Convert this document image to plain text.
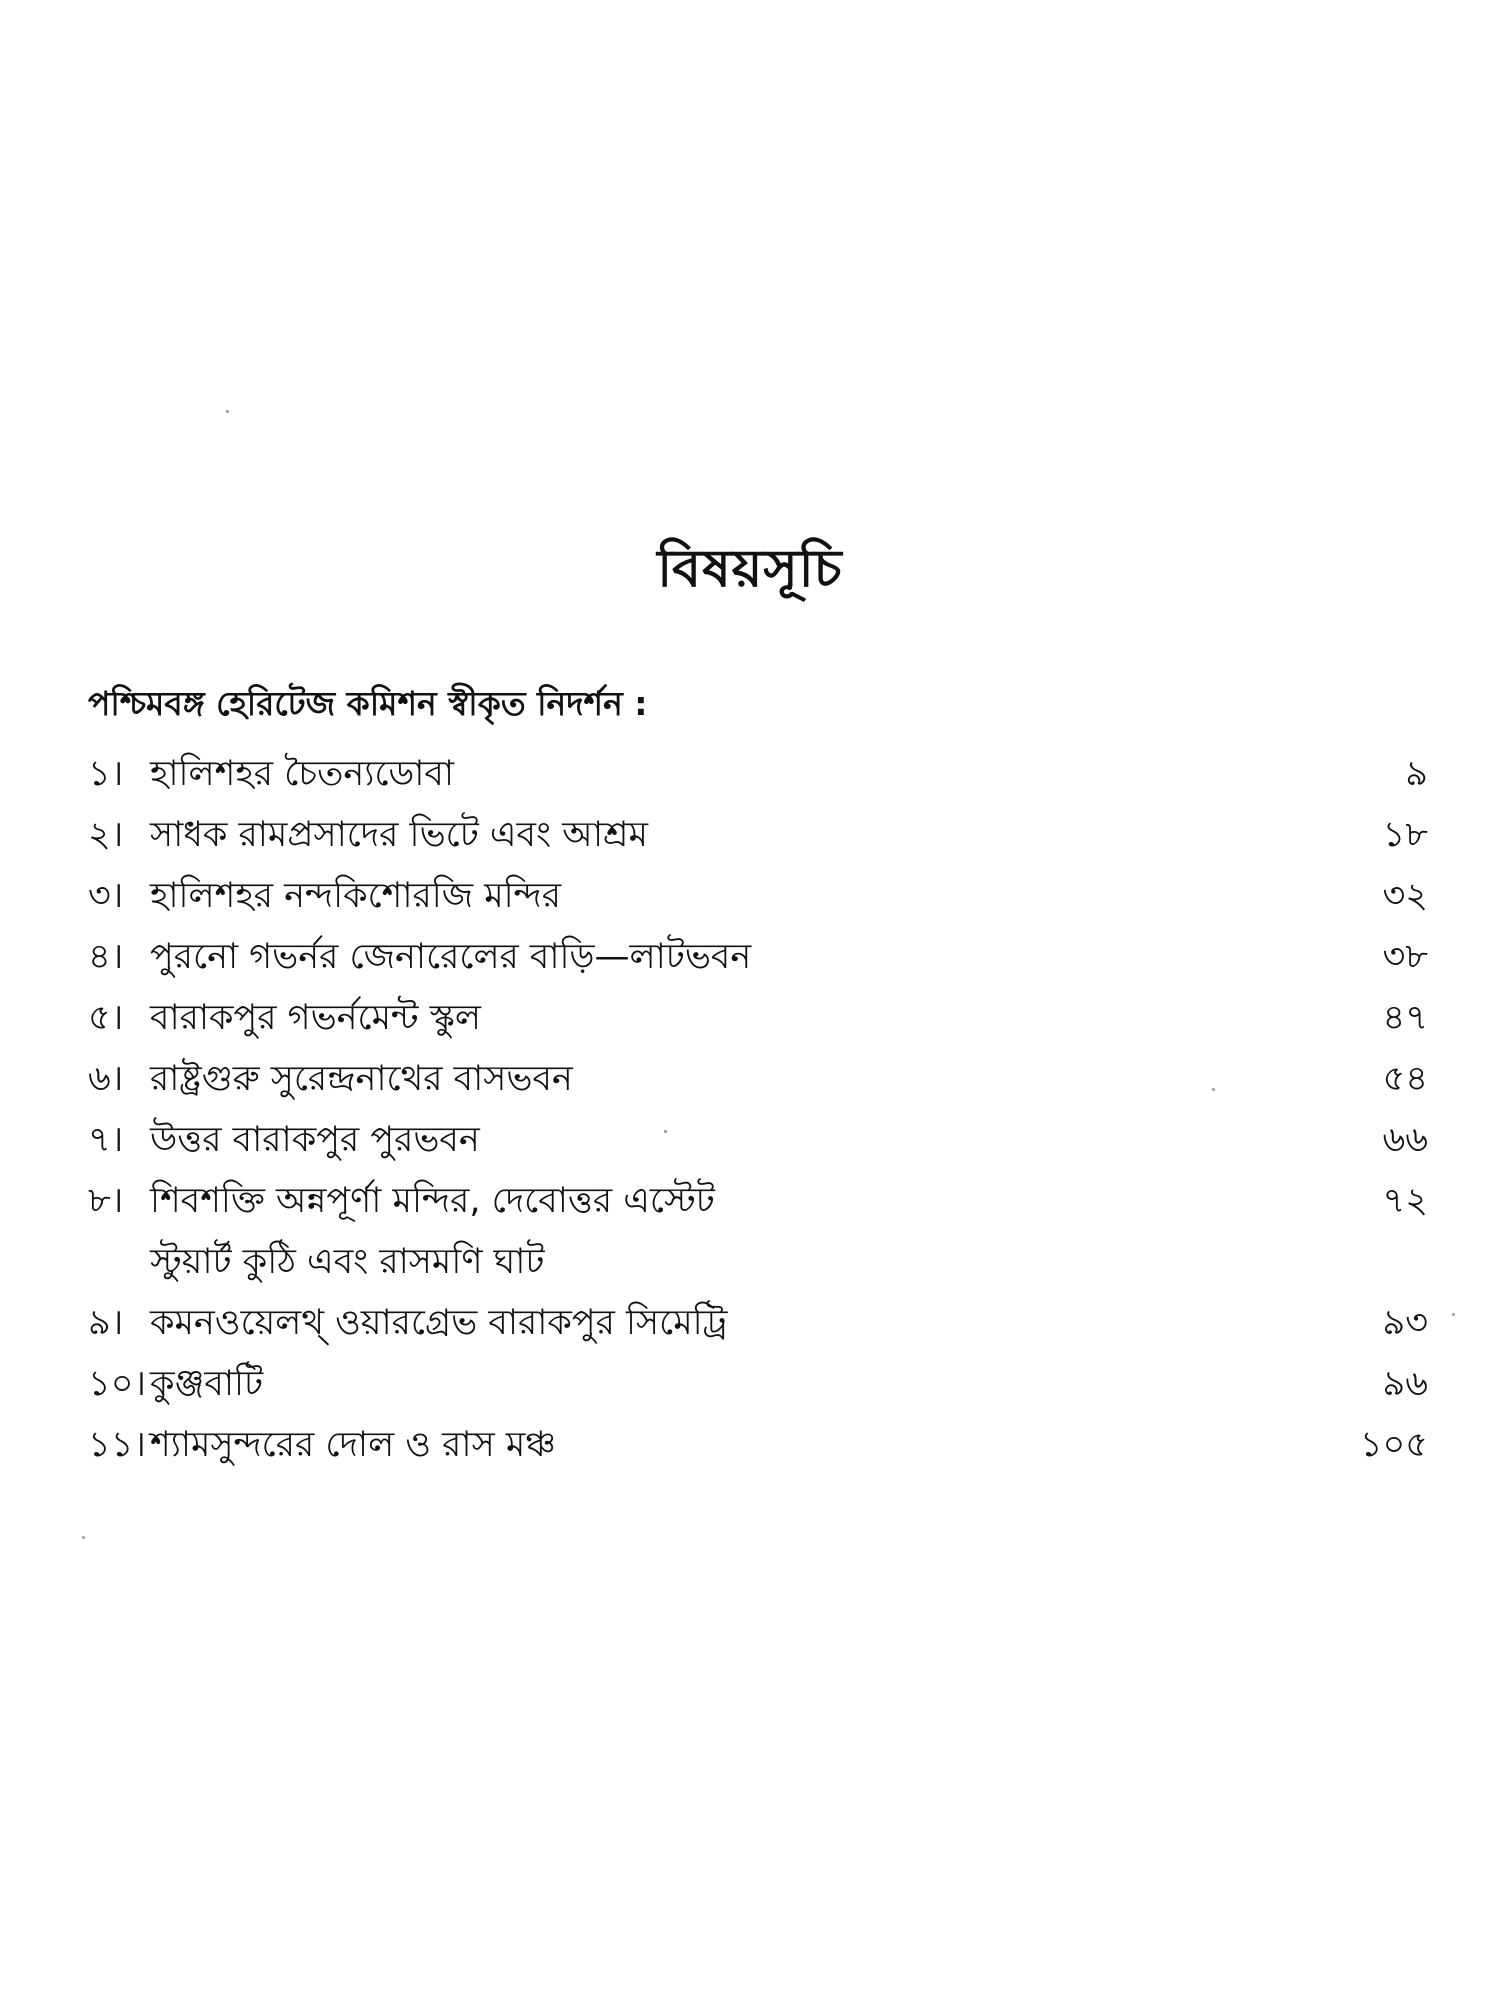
বিষয়সূচি
পশ্চিমবঙ্গ হেরিটেজ কমিশন স্বীকৃত নিদর্শন :
১। হালিশহর চৈতন্যডোবা	৯
২। সাধক রামপ্রসাদের ভিটে এবং আশ্রম	১৮
৩। হালিশহর নন্দকিশোরজি মন্দির	৩২
৪। পুরনো গভর্নর জেনারেলের বাড়ি—লাটভবন	৩৮
৫। বারাকপুর গভর্নমেন্ট স্কুল	৪৭
৬। রাষ্ট্রগুরু সুরেন্দ্রনাথের বাসভবন	৫৪
৭। উত্তর বারাকপুর পুরভবন	৬৬
৮। শিবশক্তি অন্নপূর্ণা মন্দির, দেবোত্তর এস্টেট
স্টুয়ার্ট কুঠি এবং রাসমণি ঘাট
৭২
৯। কমনওয়েলথ্ ওয়ারগ্রেভ বারাকপুর সিমেট্রি	৯৩
১০। কুঞ্জবাটি	৯৬
১১। শ্যামসুন্দরের দোল ও রাস মঞ্চ	১০৫
